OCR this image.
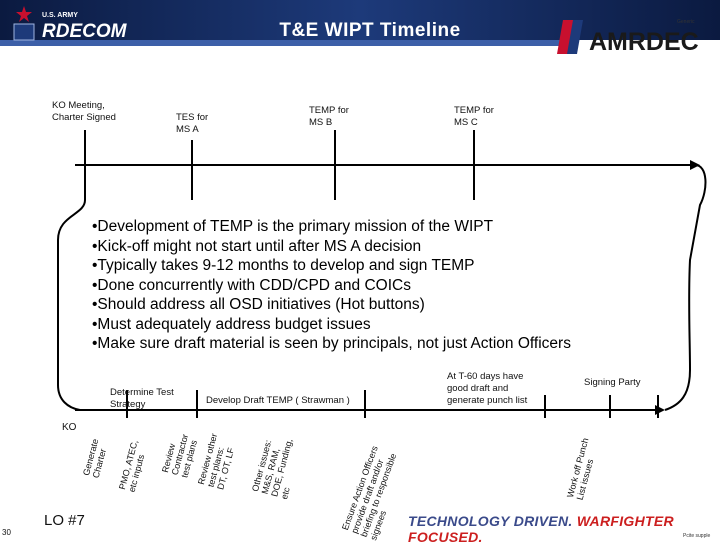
U.S. ARMY
RDECOM	T&E WIPT Timeline	AMRDEC
Generic
KO Meeting,
Charter Signed	TES for
MS A
TEMP for
MS B
TEMP for
MS C
•Development of TEMP is the primary mission of the WIPT
•Kick-off might not start until after MS A decision
•Typically takes 9-12 months to develop and sign TEMP
•Done concurrently with CDD/CPD and COICs
•Should address all OSD initiatives (Hot buttons)
•Must adequately address budget issues
•Make sure draft material is seen by principals, not just Action Officers
KO
Determine Test
Strategy	Develop Draft TEMP ( Strawman )
At T-60 days have
good draft and
generate punch list
Signing Party
Generate
Charter PMO, ATEC,
etc inputs	Review
Contractor
test plans
Review other
test plans:
DT, OT, LF Other issues:
M&S, RAM,
DOE, Funding,
etc	Ensure Action Officers
provide draft and/or
briefing to responsible
signees
Work off Punch
List issues
LO #7
30
TECHNOLOGY DRIVEN. WARFIGHTER FOCUSED.	Pcite supple
